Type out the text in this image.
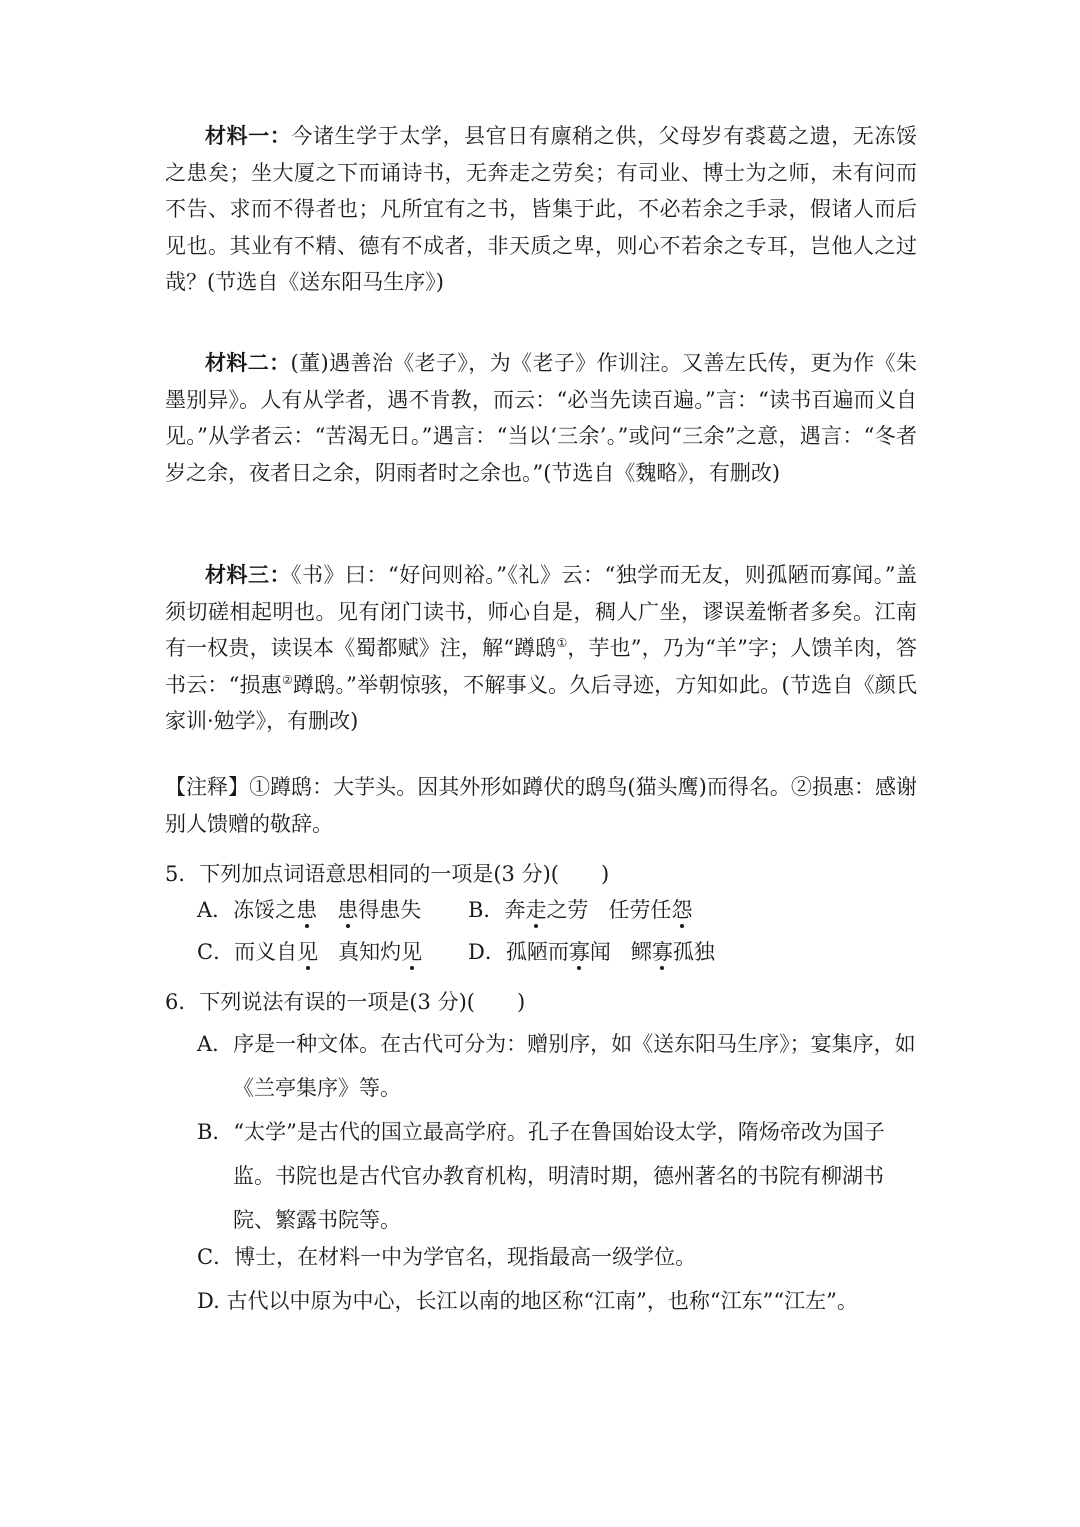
材料一：今诸生学于太学，县官日有廪稍之供，父母岁有裘葛之遗，无冻馁之患矣；坐大厦之下而诵诗书，无奔走之劳矣；有司业、博士为之师，未有问而不告、求而不得者也；凡所宜有之书，皆集于此，不必若余之手录，假诸人而后见也。其业有不精、德有不成者，非天质之卑，则心不若余之专耳，岂他人之过哉？(节选自《送东阳马生序》)

材料二：(董)遇善治《老子》，为《老子》作训注。又善左氏传，更为作《朱墨别异》。人有从学者，遇不肯教，而云：“必当先读百遍。”言：“读书百遍而义自见。”从学者云：“苦渴无日。”遇言：“当以‘三余’。”或问“三余”之意，遇言：“冬者岁之余，夜者日之余，阴雨者时之余也。”(节选自《魏略》，有删改)

材料三：《书》曰：“好问则裕。”《礼》云：“独学而无友，则孤陋而寡闻。”盖须切磋相起明也。见有闭门读书，师心自是，稠人广坐，谬误羞惭者多矣。江南有一权贵，读误本《蜀都赋》注，解“蹲鸱①，芋也”，乃为“羊”字；人馈羊肉，答书云：“损惠②蹲鸱。”举朝惊骇，不解事义。久后寻迹，方知如此。(节选自《颜氏家训·勉学》，有删改)

【注释】①蹲鸱：大芋头。因其外形如蹲伏的鸱鸟(猫头鹰)而得名。②损惠：感谢别人馈赠的敬辞。

5．下列加点词语意思相同的一项是(3 分)(　　)
A．冻馁之患 患得患失 B．奔走之劳 任劳任怨
C．而义自见 真知灼见 D．孤陋而寡闻 鳏寡孤独
6．下列说法有误的一项是(3 分)(　　)
A．序是一种文体。在古代可分为：赠别序，如《送东阳马生序》；宴集序，如《兰亭集序》等。
B．“太学”是古代的国立最高学府。孔子在鲁国始设太学，隋炀帝改为国子监。书院也是古代官办教育机构，明清时期，德州著名的书院有柳湖书院、繁露书院等。
C．博士，在材料一中为学官名，现指最高一级学位。
D. 古代以中原为中心，长江以南的地区称“江南”，也称“江东”“江左”。
